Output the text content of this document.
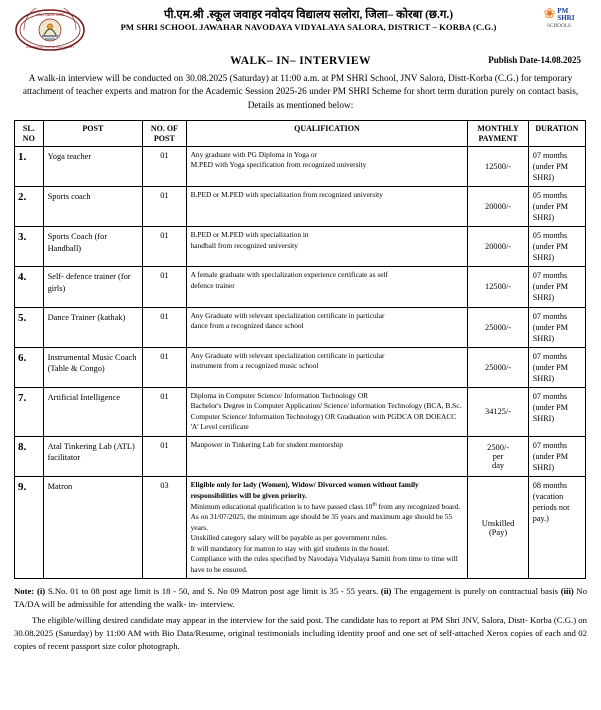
नवोदय विद्यालय समिति
NAVODAYA VIDYALAYA SAMITI
पी.एम.श्री .स्कूल जवाहर नवोदय विद्यालय सलोरा, जिला– कोरबा (छ.ग.)
PM SHRI SCHOOL JAWAHAR NAVODAYA VIDYALAYA SALORA, DISTRICT – KORBA (C.G.)
❀ PM
SHRI
SCHOOLS
WALK– IN– INTERVIEW	Publish Date-14.08.2025
A walk-in interview will be conducted on 30.08.2025 (Saturday) at 11:00 a.m. at PM SHRI School, JNV Salora, Distt-Korba (C.G.) for temporary attachment of teacher experts and matron for the Academic Session 2025-26 under PM SHRI Scheme for short term duration purely on contact basis, Details as mentioned below:
SL. NO	POST	NO. OF POST	QUALIFICATION	MONTHLY PAYMENT	DURATION
1.	Yoga teacher	01	Any graduate with PG Diploma in Yoga or
M.PED with Yoga specification from recognized university	12500/-	07 months
(under PM SHRI)
2.	Sports coach	01	B.PED or M.PED with specialization from recognized university	20000/-	05 months
(under PM SHRI)
3.	Sports Coach (for Handball)	01	B.PED or M.PED with specialization in
handball from recognized university	20000/-	05 months
(under PM SHRI)
4.	Self- defence trainer (for girls)	01	A female graduate with specialization experience certificate as self
defence trainer	12500/-	07 months
(under PM SHRI)
5.	Dance Trainer (kathak)	01	Any Graduate with relevant specialization certificate in particular
dance from a recognized dance school	25000/-	07 months
(under PM SHRI)
6.	Instrumental Music Coach (Table & Congo)	01	Any Graduate with relevant specialization certificate in particular
instrument from a recognized music school	25000/-	07 months
(under PM SHRI)
7.	Artificial Intelligence	01	Diploma in Computer Science/ Information Technology OR
Bachelor's Degree in Computer Application/ Science/ information Technology (BCA, B.Sc. Computer Science/ Information Technology) OR Graduation with PGDCA OR DOEACC 'A' Level certificate	34125/-	07 months
(under PM SHRI)
8.	Atal Tinkering Lab (ATL) facilitator	01	Manpower in Tinkering Lab for student mentorship	2500/-
per
day	07 months
(under PM SHRI)
9.	Matron	03	Eligible only for lady (Women), Widow/ Divorced women without family responsibilities will be given priority.
Minimum educational qualification is to have passed class 10th from any recognized board.
As on 31/07/2025, the minimum age should be 35 years and maximum age should be 55 years.
Unskilled category salary will be payable as per government rules.
It will mandatory for matron to stay with girl students in the hostel.
Compliance with the rules specified by Navodaya Vidyalaya Samiti from time to time will have to be ensured.	Unskilled
(Pay)	08 months
(vacation periods not pay.)
Note: (i) S.No. 01 to 08 post age limit is 18 - 50, and S. No 09 Matron post age limit is 35 - 55 years. (ii) The engagement is purely on contractual basis (iii) No TA/DA will be admissible for attending the walk- in- interview.
The eligible/willing desired candidate may appear in the interview for the said post. The candidate has to report at PM Shri JNV, Salora, Distt- Korba (C.G.) on 30.08.2025 (Saturday) by 11:00 AM with Bio Data/Resume, original testimonials including identity proof and one set of self-attached Xerox copies of each and 02 copies of recent passport size color photograph.
